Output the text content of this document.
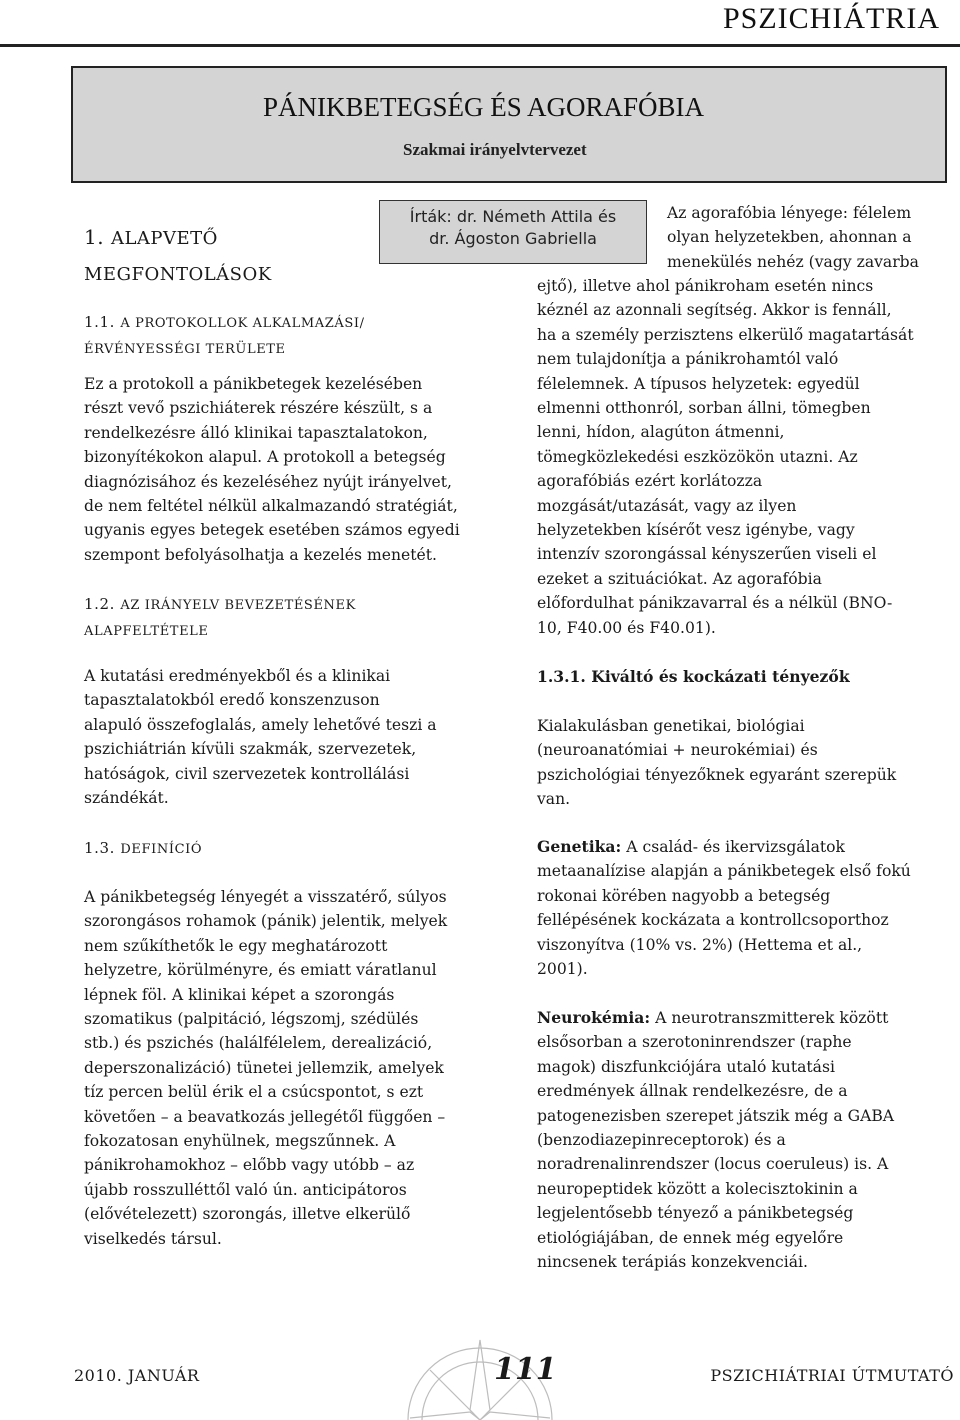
PSZICHIÁTRIA
PÁNIKBETEGSÉG ÉS AGORAFÓBIA
Szakmai irányelvtervezet
Írták: dr. Németh Attila és
dr. Ágoston Gabriella
1. ALAPVETŐ
MEGFONTOLÁSOK
1.1. A PROTOKOLLOK ALKALMAZÁSI/
ÉRVÉNYESSÉGI TERÜLETE

Ez a protokoll a pánikbetegek kezelésében

részt vevő pszichiáterek részére készült, s a

rendelkezésre álló klinikai tapasztalatokon,

bizonyítékokon alapul. A protokoll a betegség

diagnózisához és kezeléséhez nyújt irányelvet,

de nem feltétel nélkül alkalmazandó stratégiát,

ugyanis egyes betegek esetében számos egyedi

szempont befolyásolhatja a kezelés menetét.

1.2. AZ IRÁNYELV BEVEZETÉSÉNEK
ALAPFELTÉTELE

A kutatási eredményekből és a klinikai

tapasztalatokból eredő konszenzuson

alapuló összefoglalás, amely lehetővé teszi a

pszichiátrián kívüli szakmák, szervezetek,

hatóságok, civil szervezetek kontrollálási

szándékát.

1.3. DEFINÍCIÓ

A pánikbetegség lényegét a visszatérő, súlyos

szorongásos rohamok (pánik) jelentik, melyek

nem szűkíthetők le egy meghatározott

helyzetre, körülményre, és emiatt váratlanul

lépnek föl. A klinikai képet a szorongás

szomatikus (palpitáció, légszomj, szédülés

stb.) és pszichés (halálfélelem, derealizáció,

deperszonalizáció) tünetei jellemzik, amelyek

tíz percen belül érik el a csúcspontot, s ezt

követően – a beavatkozás jellegétől függően –

fokozatosan enyhülnek, megszűnnek. A

pánikrohamokhoz – előbb vagy utóbb – az

újabb rosszulléttől való ún. anticipátoros

(elővételezett) szorongás, illetve elkerülő

viselkedés társul.

Az agorafóbia lényege: félelem

olyan helyzetekben, ahonnan a

menekülés nehéz (vagy zavarba

ejtő), illetve ahol pánikroham esetén nincs

kéznél az azonnali segítség. Akkor is fennáll,

ha a személy perzisztens elkerülő magatartását

nem tulajdonítja a pánikrohamtól való

félelemnek. A típusos helyzetek: egyedül

elmenni otthonról, sorban állni, tömegben

lenni, hídon, alagúton átmenni,

tömegközlekedési eszközökön utazni. Az

agorafóbiás ezért korlátozza

mozgását/utazását, vagy az ilyen

helyzetekben kísérőt vesz igénybe, vagy

intenzív szorongással kényszerűen viseli el

ezeket a szituációkat. Az agorafóbia

előfordulhat pánikzavarral és a nélkül (BNO-

10, F40.00 és F40.01).

1.3.1. Kiváltó és kockázati tényezők

Kialakulásban genetikai, biológiai

(neuroanatómiai + neurokémiai) és

pszichológiai tényezőknek egyaránt szerepük

van.

Genetika: A család- és ikervizsgálatok

metaanalízise alapján a pánikbetegek első fokú

rokonai körében nagyobb a betegség

fellépésének kockázata a kontrollcsoporthoz

viszonyítva (10% vs. 2%) (Hettema et al.,

2001).

Neurokémia: A neurotranszmitterek között

elsősorban a szerotoninrendszer (raphe

magok) diszfunkciójára utaló kutatási

eredmények állnak rendelkezésre, de a

patogenezisben szerepet játszik még a GABA

(benzodiazepinreceptorok) és a

noradrenalinrendszer (locus coeruleus) is. A

neuropeptidek között a kolecisztokinin a

legjelentősebb tényező a pánikbetegség

etiológiájában, de ennek még egyelőre

nincsenek terápiás konzekvenciái.

2010. JANUÁR	111	PSZICHIÁTRIAI ÚTMUTATÓ
